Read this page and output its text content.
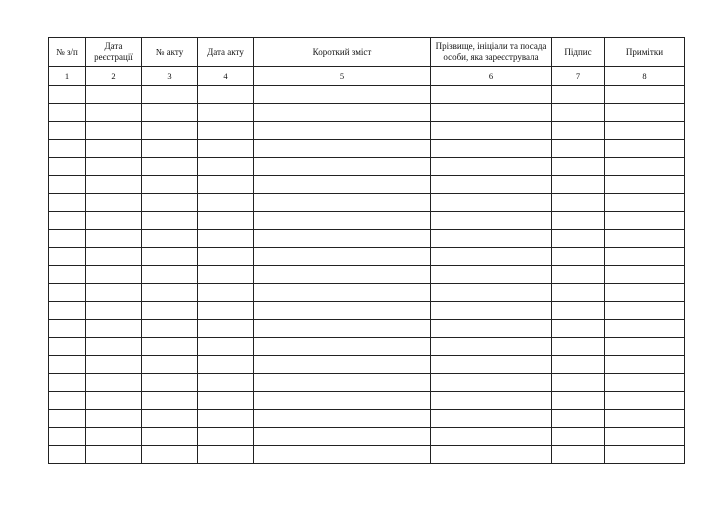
№ з/п	Дата реєстрації	№ акту	Дата акту	Короткий зміст	Прізвище, ініціали та посада особи, яка зареєструвала	Підпис	Примітки
1	2	3	4	5	6	7	8
